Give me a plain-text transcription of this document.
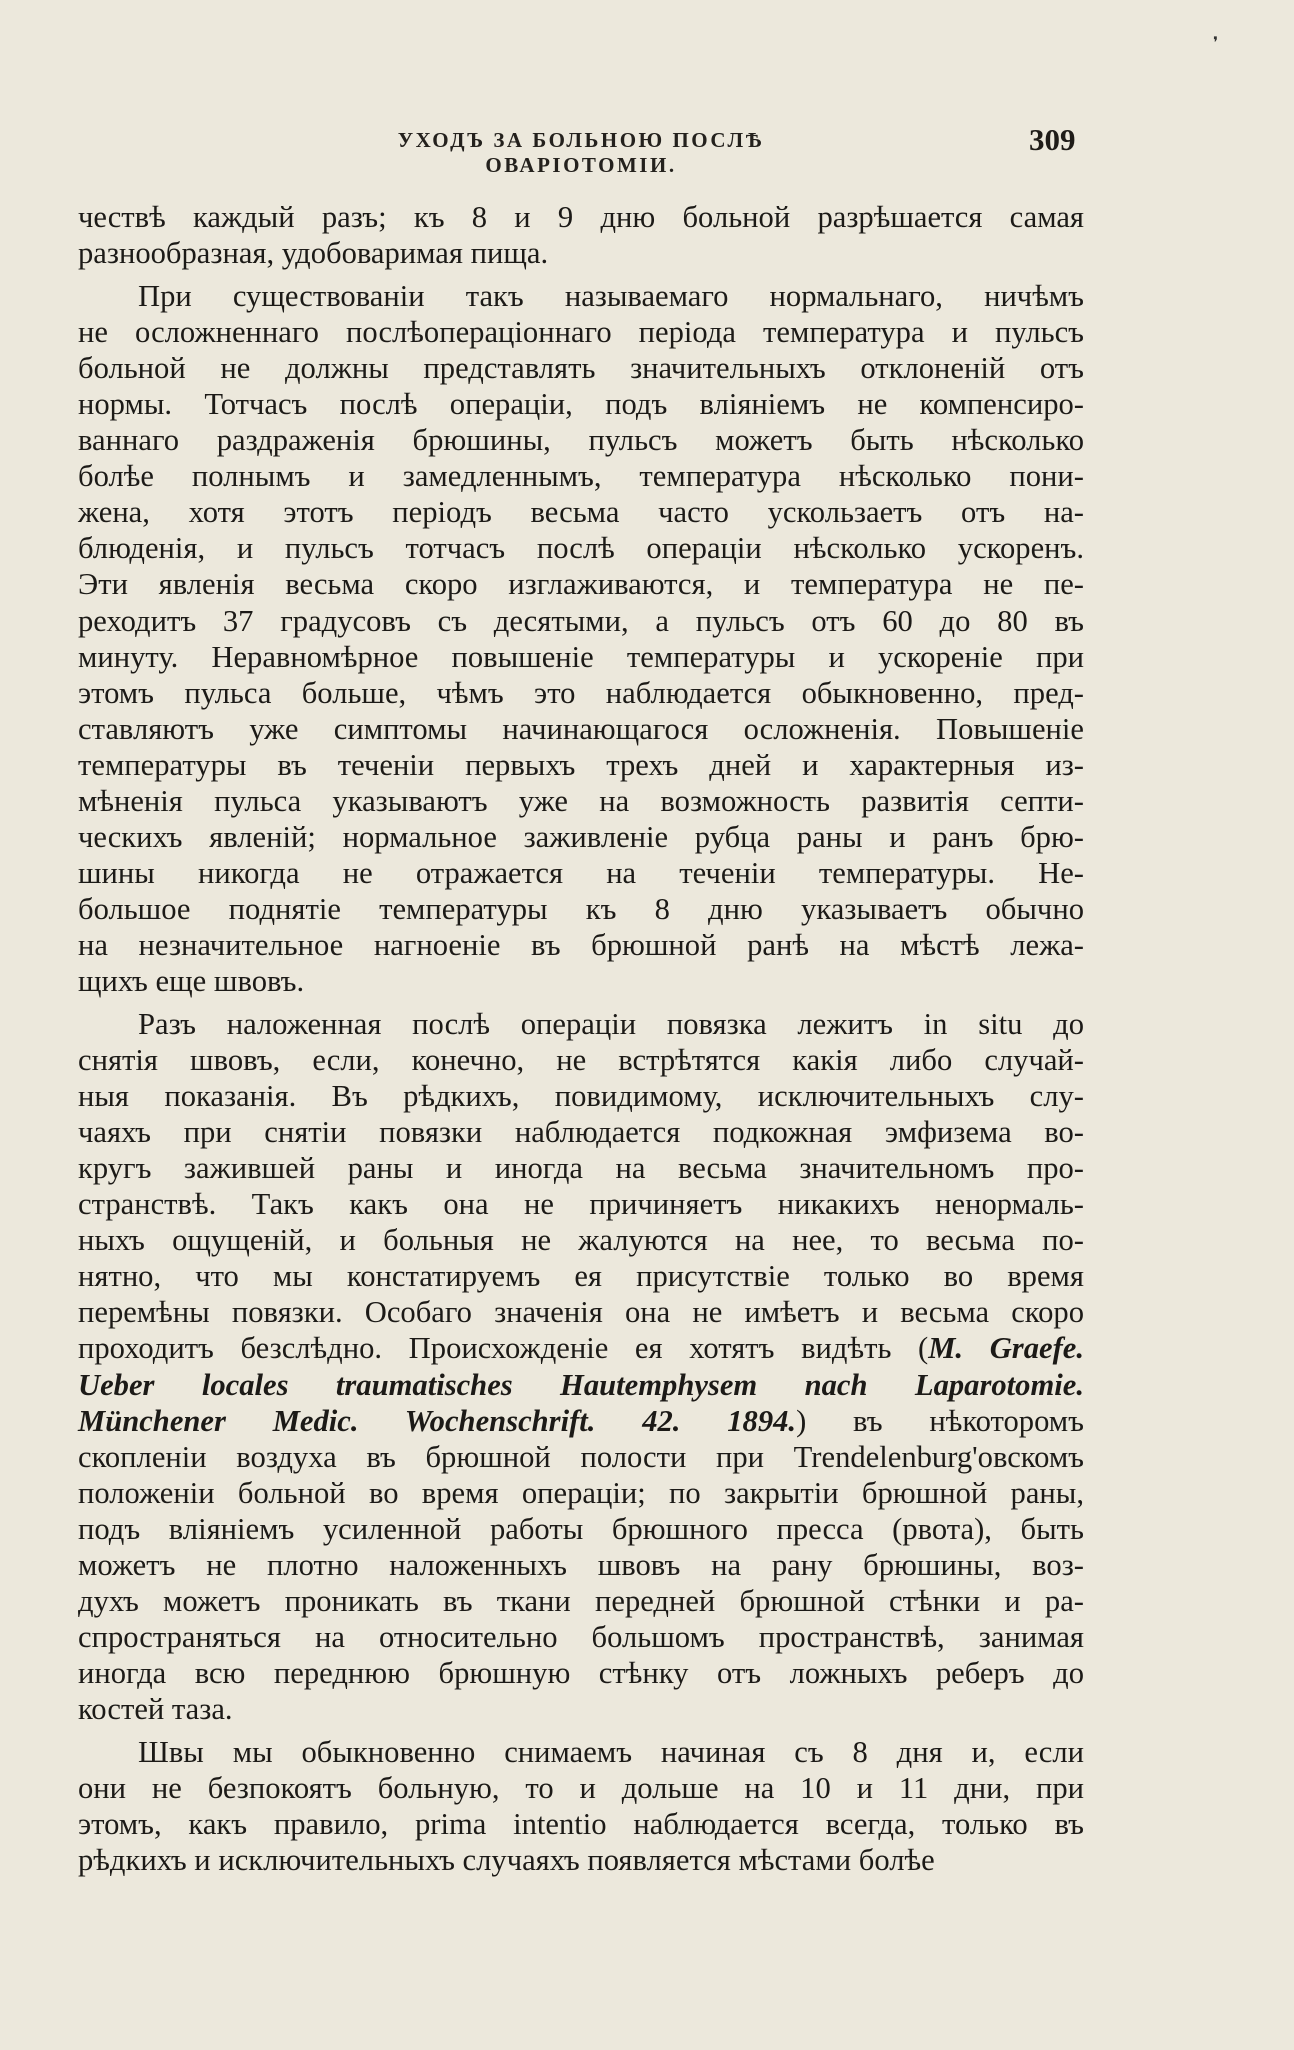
❜
УХОДЪ ЗА БОЛЬНОЮ ПОСЛѢ ОВАРІОТОМІИ.
309
чествѣ каждый разъ; къ 8 и 9 дню больной разрѣшается самая
разнообразная, удобоваримая пища.
При существованіи такъ называемаго нормальнаго, ничѣмъ
не осложненнаго послѣоперацiоннаго періода температура и пульсъ
больной не должны представлять значительныхъ отклоненій отъ
нормы. Тотчасъ послѣ операціи, подъ вліяніемъ не компенсиро-
ваннаго раздраженія брюшины, пульсъ можетъ быть нѣсколько
болѣе полнымъ и замедленнымъ, температура нѣсколько пони-
жена, хотя этотъ періодъ весьма часто ускользаетъ отъ на-
блюденія, и пульсъ тотчасъ послѣ операціи нѣсколько ускоренъ.
Эти явленія весьма скоро изглаживаются, и температура не пе-
реходитъ 37 градусовъ съ десятыми, а пульсъ отъ 60 до 80 въ
минуту. Неравномѣрное повышеніе температуры и ускореніе при
этомъ пульса больше, чѣмъ это наблюдается обыкновенно, пред-
ставляютъ уже симптомы начинающагося осложненія. Повышеніе
температуры въ теченіи первыхъ трехъ дней и характерныя из-
мѣненія пульса указываютъ уже на возможность развитія септи-
ческихъ явленій; нормальное заживленіе рубца раны и ранъ брю-
шины никогда не отражается на теченіи температуры. Не-
большое поднятіе температуры къ 8 дню указываетъ обычно
на незначительное нагноеніе въ брюшной ранѣ на мѣстѣ лежа-
щихъ еще швовъ.
Разъ наложенная послѣ операціи повязка лежитъ in situ до
снятія швовъ, если, конечно, не встрѣтятся какія либо случай-
ныя показанія. Въ рѣдкихъ, повидимому, исключительныхъ слу-
чаяхъ при снятіи повязки наблюдается подкожная эмфизема во-
кругъ зажившей раны и иногда на весьма значительномъ про-
странствѣ. Такъ какъ она не причиняетъ никакихъ ненормаль-
ныхъ ощущеній, и больныя не жалуются на нее, то весьма по-
нятно, что мы констатируемъ ея присутствіе только во время
перемѣны повязки. Особаго значенія она не имѣетъ и весьма скоро
проходитъ безслѣдно. Происхожденіе ея хотятъ видѣть (M. Graefe.
Ueber locales traumatisches Hautemphysem nach Laparotomie.
Münchener Medic. Wochenschrift. 42. 1894.) въ нѣкоторомъ
скопленіи воздуха въ брюшной полости при Trendelenburg'овскомъ
положеніи больной во время операціи; по закрытіи брюшной раны,
подъ вліяніемъ усиленной работы брюшного пресса (рвота), быть
можетъ не плотно наложенныхъ швовъ на рану брюшины, воз-
духъ можетъ проникать въ ткани передней брюшной стѣнки и ра-
спространяться на относительно большомъ пространствѣ, занимая
иногда всю переднюю брюшную стѣнку отъ ложныхъ реберъ до
костей таза.
Швы мы обыкновенно снимаемъ начиная съ 8 дня и, если
они не безпокоятъ больную, то и дольше на 10 и 11 дни, при
этомъ, какъ правило, prima intentio наблюдается всегда, только въ
рѣдкихъ и исключительныхъ случаяхъ появляется мѣстами болѣе
